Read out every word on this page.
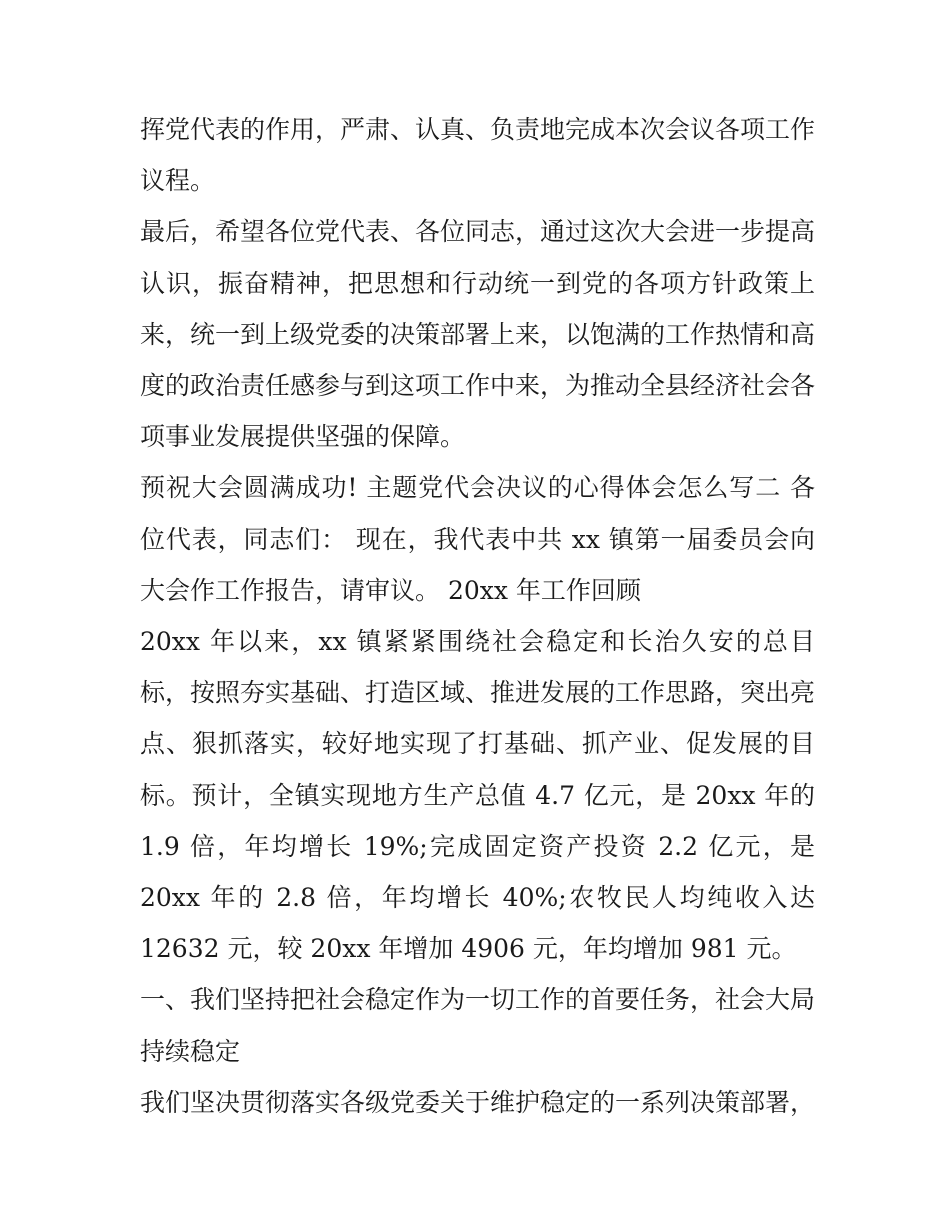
挥党代表的作用，严肃、认真、负责地完成本次会议各项工作议程。

最后，希望各位党代表、各位同志，通过这次大会进一步提高认识，振奋精神，把思想和行动统一到党的各项方针政策上来，统一到上级党委的决策部署上来，以饱满的工作热情和高度的政治责任感参与到这项工作中来，为推动全县经济社会各项事业发展提供坚强的保障。

预祝大会圆满成功! 主题党代会决议的心得体会怎么写二 各位代表，同志们： 现在，我代表中共 xx 镇第一届委员会向大会作工作报告，请审议。 20xx 年工作回顾

20xx 年以来，xx 镇紧紧围绕社会稳定和长治久安的总目标，按照夯实基础、打造区域、推进发展的工作思路，突出亮点、狠抓落实，较好地实现了打基础、抓产业、促发展的目标。预计，全镇实现地方生产总值 4.7 亿元，是 20xx 年的 1.9 倍，年均增长 19%;完成固定资产投资 2.2 亿元，是 20xx 年的 2.8 倍，年均增长 40%;农牧民人均纯收入达 12632 元，较 20xx 年增加 4906 元，年均增加 981 元。

一、我们坚持把社会稳定作为一切工作的首要任务，社会大局持续稳定

我们坚决贯彻落实各级党委关于维护稳定的一系列决策部署，
